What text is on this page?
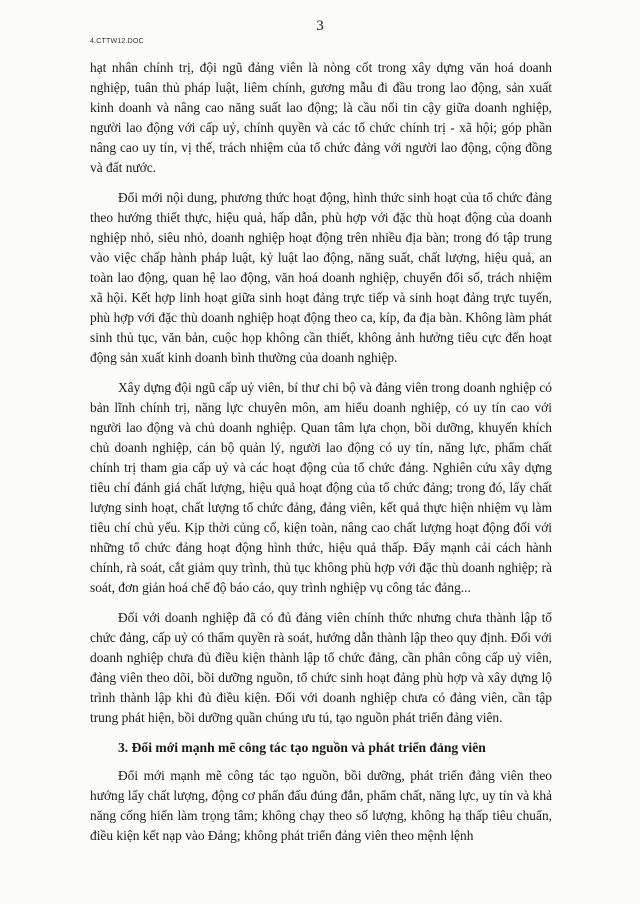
4.CTTW12.DOC
3

hạt nhân chính trị, đội ngũ đảng viên là nòng cốt trong xây dựng văn hoá doanh nghiệp, tuân thủ pháp luật, liêm chính, gương mẫu đi đầu trong lao động, sản xuất kinh doanh và nâng cao năng suất lao động; là cầu nối tin cậy giữa doanh nghiệp, người lao động với cấp uỷ, chính quyền và các tổ chức chính trị - xã hội; góp phần nâng cao uy tín, vị thế, trách nhiệm của tổ chức đảng với người lao động, cộng đồng và đất nước.

Đổi mới nội dung, phương thức hoạt động, hình thức sinh hoạt của tổ chức đảng theo hướng thiết thực, hiệu quả, hấp dẫn, phù hợp với đặc thù hoạt động của doanh nghiệp nhỏ, siêu nhỏ, doanh nghiệp hoạt động trên nhiều địa bàn; trong đó tập trung vào việc chấp hành pháp luật, kỷ luật lao động, năng suất, chất lượng, hiệu quả, an toàn lao động, quan hệ lao động, văn hoá doanh nghiệp, chuyển đổi số, trách nhiệm xã hội. Kết hợp linh hoạt giữa sinh hoạt đảng trực tiếp và sinh hoạt đảng trực tuyến, phù hợp với đặc thù doanh nghiệp hoạt động theo ca, kíp, đa địa bàn. Không làm phát sinh thủ tục, văn bản, cuộc họp không cần thiết, không ảnh hưởng tiêu cực đến hoạt động sản xuất kinh doanh bình thường của doanh nghiệp.

Xây dựng đội ngũ cấp uỷ viên, bí thư chi bộ và đảng viên trong doanh nghiệp có bản lĩnh chính trị, năng lực chuyên môn, am hiểu doanh nghiệp, có uy tín cao với người lao động và chủ doanh nghiệp. Quan tâm lựa chọn, bồi dưỡng, khuyến khích chủ doanh nghiệp, cán bộ quản lý, người lao động có uy tín, năng lực, phẩm chất chính trị tham gia cấp uỷ và các hoạt động của tổ chức đảng. Nghiên cứu xây dựng tiêu chí đánh giá chất lượng, hiệu quả hoạt động của tổ chức đảng; trong đó, lấy chất lượng sinh hoạt, chất lượng tổ chức đảng, đảng viên, kết quả thực hiện nhiệm vụ làm tiêu chí chủ yếu. Kịp thời củng cố, kiện toàn, nâng cao chất lượng hoạt động đối với những tổ chức đảng hoạt động hình thức, hiệu quả thấp. Đẩy mạnh cải cách hành chính, rà soát, cắt giảm quy trình, thủ tục không phù hợp với đặc thù doanh nghiệp; rà soát, đơn giản hoá chế độ báo cáo, quy trình nghiệp vụ công tác đảng...

Đối với doanh nghiệp đã có đủ đảng viên chính thức nhưng chưa thành lập tổ chức đảng, cấp uỷ có thẩm quyền rà soát, hướng dẫn thành lập theo quy định. Đối với doanh nghiệp chưa đủ điều kiện thành lập tổ chức đảng, cần phân công cấp uỷ viên, đảng viên theo dõi, bồi dưỡng nguồn, tổ chức sinh hoạt đảng phù hợp và xây dựng lộ trình thành lập khi đủ điều kiện. Đối với doanh nghiệp chưa có đảng viên, cần tập trung phát hiện, bồi dưỡng quần chúng ưu tú, tạo nguồn phát triển đảng viên.

3. Đổi mới mạnh mẽ công tác tạo nguồn và phát triển đảng viên

Đổi mới mạnh mẽ công tác tạo nguồn, bồi dưỡng, phát triển đảng viên theo hướng lấy chất lượng, động cơ phấn đấu đúng đắn, phẩm chất, năng lực, uy tín và khả năng cống hiến làm trọng tâm; không chạy theo số lượng, không hạ thấp tiêu chuẩn, điều kiện kết nạp vào Đảng; không phát triển đảng viên theo mệnh lệnh
